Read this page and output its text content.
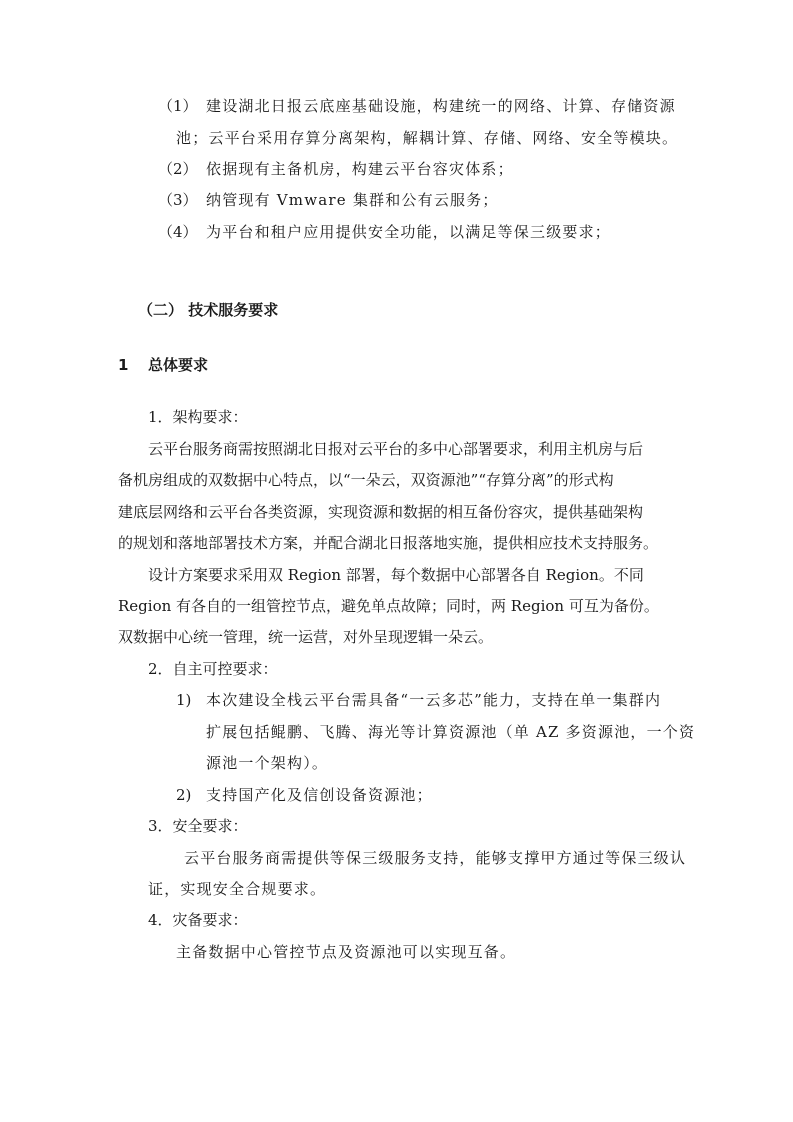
（1） 建设湖北日报云底座基础设施，构建统一的网络、计算、存储资源
池；云平台采用存算分离架构，解耦计算、存储、网络、安全等模块。
（2） 依据现有主备机房，构建云平台容灾体系；
（3） 纳管现有 Vmware 集群和公有云服务；
（4） 为平台和租户应用提供安全功能，以满足等保三级要求；
（二） 技术服务要求
1 总体要求
1．架构要求：
云平台服务商需按照湖北日报对云平台的多中心部署要求，利用主机房与后
备机房组成的双数据中心特点，以“一朵云，双资源池”“存算分离”的形式构
建底层网络和云平台各类资源，实现资源和数据的相互备份容灾，提供基础架构
的规划和落地部署技术方案，并配合湖北日报落地实施，提供相应技术支持服务。
设计方案要求采用双 Region 部署，每个数据中心部署各自 Region。不同
Region 有各自的一组管控节点，避免单点故障；同时，两 Region 可互为备份。
双数据中心统一管理，统一运营，对外呈现逻辑一朵云。
2．自主可控要求：
1) 本次建设全栈云平台需具备“一云多芯”能力，支持在单一集群内
扩展包括鲲鹏、飞腾、海光等计算资源池（单 AZ 多资源池，一个资
源池一个架构）。
2) 支持国产化及信创设备资源池；
3．安全要求：
云平台服务商需提供等保三级服务支持，能够支撑甲方通过等保三级认
证，实现安全合规要求。
4．灾备要求：
主备数据中心管控节点及资源池可以实现互备。
